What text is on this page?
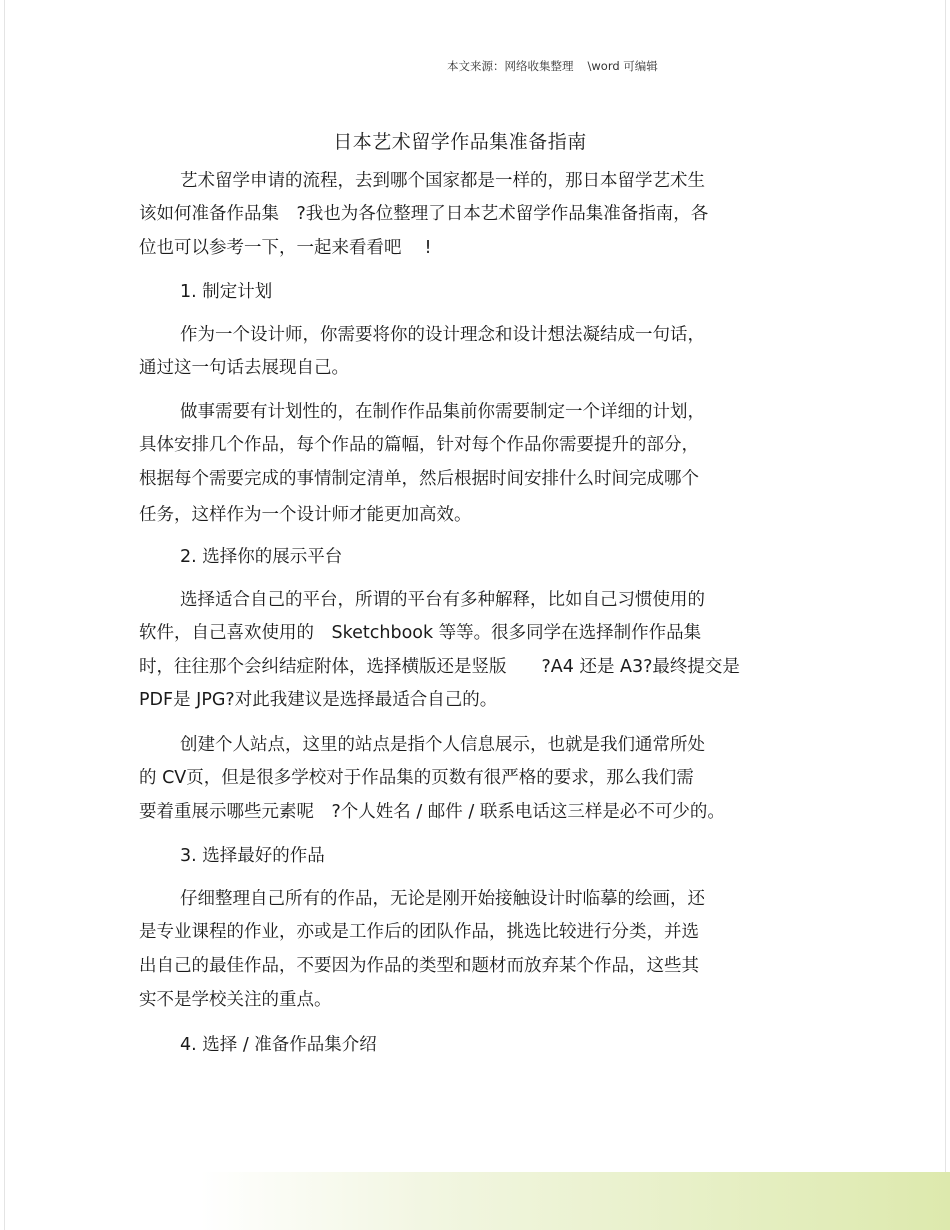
本文来源：网络收集整理 \word 可编辑
日本艺术留学作品集准备指南
艺术留学申请的流程，去到哪个国家都是一样的，那日本留学艺术生
该如何准备作品集　?我也为各位整理了日本艺术留学作品集准备指南，各
位也可以参考一下，一起来看看吧　 !
1. 制定计划
作为一个设计师，你需要将你的设计理念和设计想法凝结成一句话，
通过这一句话去展现自己。
做事需要有计划性的，在制作作品集前你需要制定一个详细的计划，
具体安排几个作品，每个作品的篇幅，针对每个作品你需要提升的部分，
根据每个需要完成的事情制定清单，然后根据时间安排什么时间完成哪个
任务，这样作为一个设计师才能更加高效。
2. 选择你的展示平台
选择适合自己的平台，所谓的平台有多种解释，比如自己习惯使用的
软件，自己喜欢使用的　Sketchbook 等等。很多同学在选择制作作品集
时，往往那个会纠结症附体，选择横版还是竖版　　?A4 还是 A3?最终提交是
PDF是 JPG?对此我建议是选择最适合自己的。
创建个人站点，这里的站点是指个人信息展示，也就是我们通常所处
的 CV页，但是很多学校对于作品集的页数有很严格的要求，那么我们需
要着重展示哪些元素呢　?个人姓名 / 邮件 / 联系电话这三样是必不可少的。
3. 选择最好的作品
仔细整理自己所有的作品，无论是刚开始接触设计时临摹的绘画，还
是专业课程的作业，亦或是工作后的团队作品，挑选比较进行分类，并选
出自己的最佳作品，不要因为作品的类型和题材而放弃某个作品，这些其
实不是学校关注的重点。
4. 选择 / 准备作品集介绍
